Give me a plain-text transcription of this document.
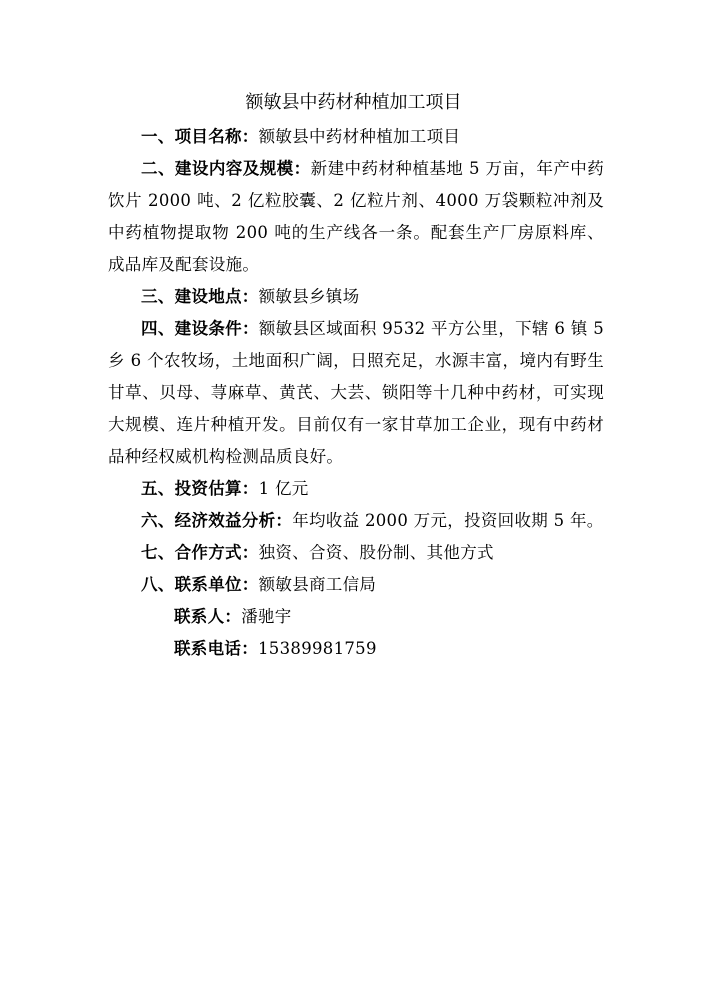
额敏县中药材种植加工项目

一、项目名称：额敏县中药材种植加工项目

二、建设内容及规模：新建中药材种植基地 5 万亩，年产中药饮片 2000 吨、2 亿粒胶囊、2 亿粒片剂、4000 万袋颗粒冲剂及中药植物提取物 200 吨的生产线各一条。配套生产厂房原料库、成品库及配套设施。

三、建设地点：额敏县乡镇场

四、建设条件：额敏县区域面积 9532 平方公里，下辖 6 镇 5 乡 6 个农牧场，土地面积广阔，日照充足，水源丰富，境内有野生甘草、贝母、荨麻草、黄芪、大芸、锁阳等十几种中药材，可实现大规模、连片种植开发。目前仅有一家甘草加工企业，现有中药材品种经权威机构检测品质良好。

五、投资估算：1 亿元

六、经济效益分析：年均收益 2000 万元，投资回收期 5 年。

七、合作方式：独资、合资、股份制、其他方式

八、联系单位：额敏县商工信局

联系人：潘驰宇

联系电话：15389981759
